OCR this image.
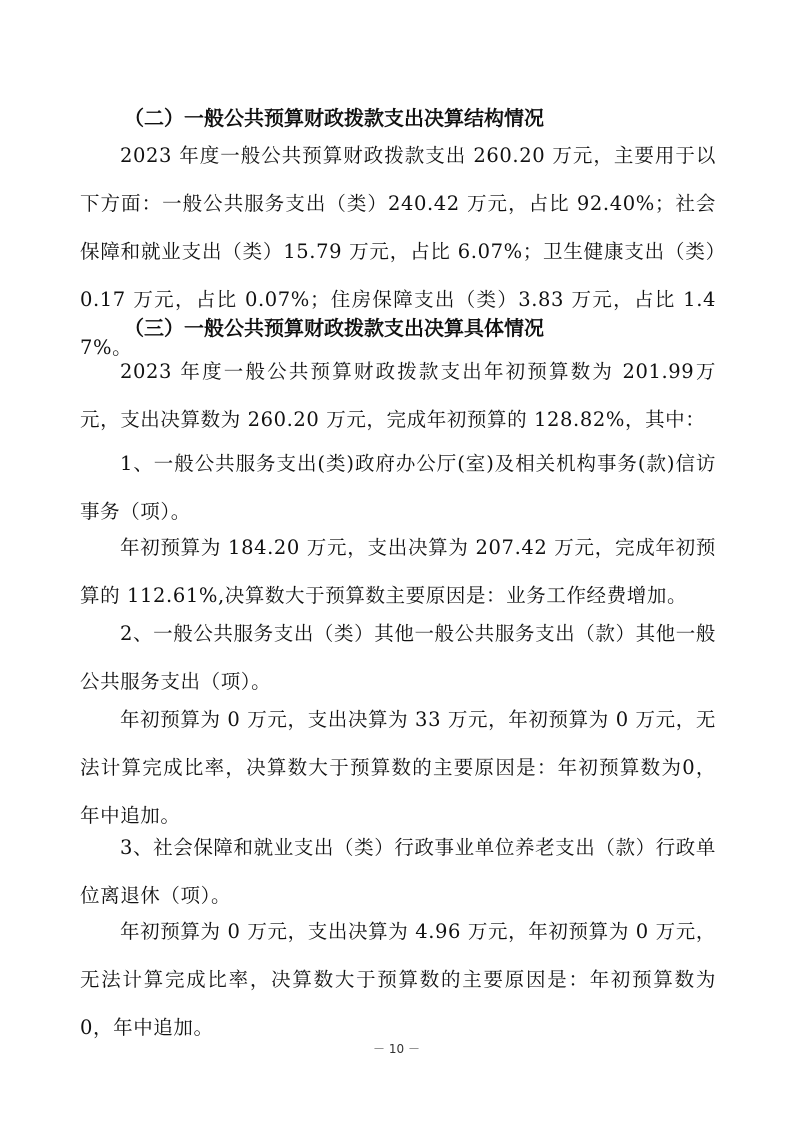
（二）一般公共预算财政拨款支出决算结构情况
2023 年度一般公共预算财政拨款支出 260.20 万元，主要用于以下方面：一般公共服务支出（类）240.42 万元，占比 92.40%；社会保障和就业支出（类）15.79 万元，占比 6.07%；卫生健康支出（类）0.17 万元，占比 0.07%；住房保障支出（类）3.83 万元，占比 1.47%。
（三）一般公共预算财政拨款支出决算具体情况
2023 年度一般公共预算财政拨款支出年初预算数为 201.99万元，支出决算数为 260.20 万元，完成年初预算的 128.82%，其中：
1、一般公共服务支出(类)政府办公厅(室)及相关机构事务(款)信访事务（项）。
年初预算为 184.20 万元，支出决算为 207.42 万元，完成年初预算的 112.61%,决算数大于预算数主要原因是：业务工作经费增加。
2、一般公共服务支出（类）其他一般公共服务支出（款）其他一般公共服务支出（项）。
年初预算为 0 万元，支出决算为 33 万元，年初预算为 0 万元，无法计算完成比率，决算数大于预算数的主要原因是：年初预算数为0，年中追加。
3、社会保障和就业支出（类）行政事业单位养老支出（款）行政单位离退休（项）。
年初预算为 0 万元，支出决算为 4.96 万元，年初预算为 0 万元，无法计算完成比率，决算数大于预算数的主要原因是：年初预算数为0，年中追加。
－ 10 －
